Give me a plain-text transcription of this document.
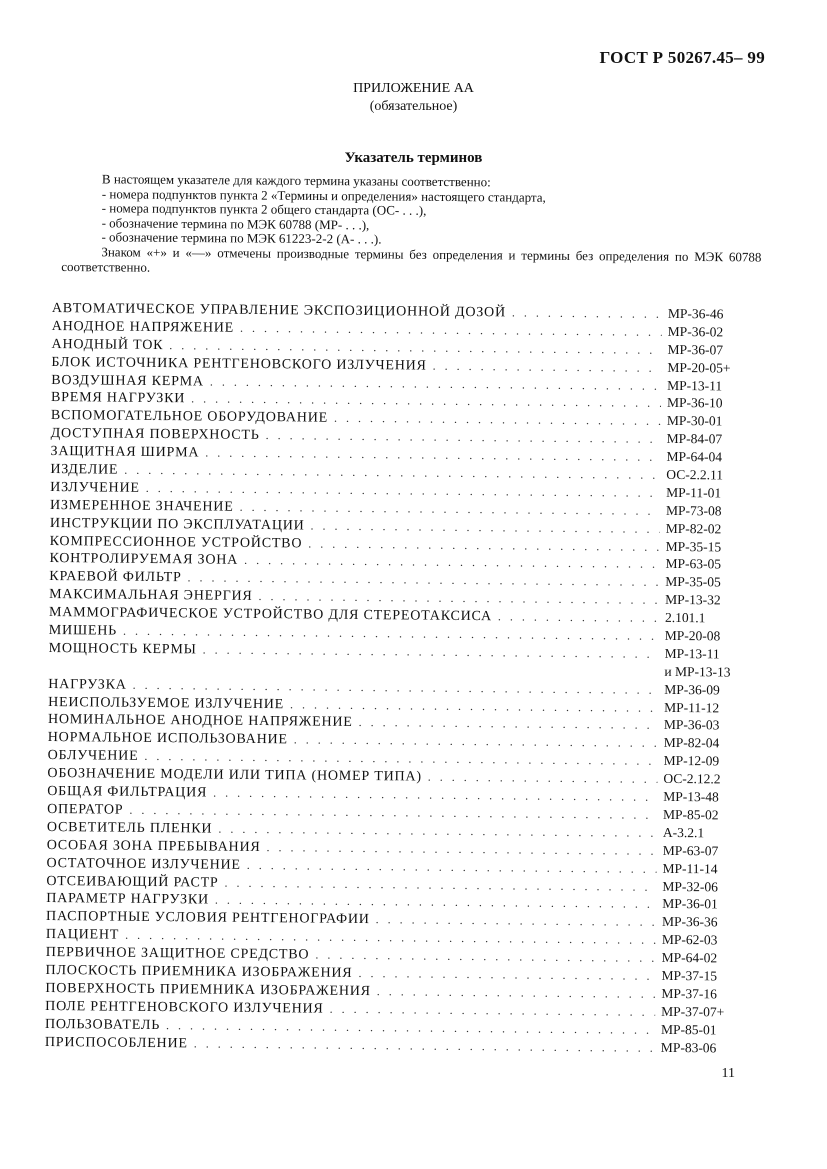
ГОСТ Р 50267.45– 99
ПРИЛОЖЕНИЕ АА
(обязательное)
Указатель терминов
В настоящем указателе для каждого термина указаны соответственно:
- номера подпунктов пункта 2 «Термины и определения» настоящего стандарта,
- номера подпунктов пункта 2 общего стандарта (ОС- . . .),
- обозначение термина по МЭК 60788 (МР- . . .),
- обозначение термина по МЭК 61223-2-2 (А- . . .).
Знаком «+» и «—» отмечены производные термины без определения и термины без определения по МЭК 60788 соответственно.
АВТОМАТИЧЕСКОЕ УПРАВЛЕНИЕ ЭКСПОЗИЦИОННОЙ ДОЗОЙ . . .	МР-36-46
АНОДНОЕ НАПРЯЖЕНИЕ . . .	МР-36-02
АНОДНЫЙ ТОК . . .	МР-36-07
БЛОК ИСТОЧНИКА РЕНТГЕНОВСКОГО ИЗЛУЧЕНИЯ . . .	МР-20-05+
ВОЗДУШНАЯ КЕРМА . . .	МР-13-11
ВРЕМЯ НАГРУЗКИ . . .	МР-36-10
ВСПОМОГАТЕЛЬНОЕ ОБОРУДОВАНИЕ . . .	МР-30-01
ДОСТУПНАЯ ПОВЕРХНОСТЬ . . .	МР-84-07
ЗАЩИТНАЯ ШИРМА . . .	МР-64-04
ИЗДЕЛИЕ . . .	ОС-2.2.11
ИЗЛУЧЕНИЕ . . .	МР-11-01
ИЗМЕРЕННОЕ ЗНАЧЕНИЕ . . .	МР-73-08
ИНСТРУКЦИИ ПО ЭКСПЛУАТАЦИИ . . .	МР-82-02
КОМПРЕССИОННОЕ УСТРОЙСТВО . . .	МР-35-15
КОНТРОЛИРУЕМАЯ ЗОНА . . .	МР-63-05
КРАЕВОЙ ФИЛЬТР . . .	МР-35-05
МАКСИМАЛЬНАЯ ЭНЕРГИЯ . . .	МР-13-32
МАММОГРАФИЧЕСКОЕ УСТРОЙСТВО ДЛЯ СТЕРЕОТАКСИСА . . .	2.101.1
МИШЕНЬ . . .	МР-20-08
МОЩНОСТЬ КЕРМЫ . . .	МР-13-11
и МР-13-13
НАГРУЗКА . . .	МР-36-09
НЕИСПОЛЬЗУЕМОЕ ИЗЛУЧЕНИЕ . . .	МР-11-12
НОМИНАЛЬНОЕ АНОДНОЕ НАПРЯЖЕНИЕ . . .	МР-36-03
НОРМАЛЬНОЕ ИСПОЛЬЗОВАНИЕ . . .	МР-82-04
ОБЛУЧЕНИЕ . . .	МР-12-09
ОБОЗНАЧЕНИЕ МОДЕЛИ ИЛИ ТИПА (НОМЕР ТИПА) . . .	ОС-2.12.2
ОБЩАЯ ФИЛЬТРАЦИЯ . . .	МР-13-48
ОПЕРАТОР . . .	МР-85-02
ОСВЕТИТЕЛЬ ПЛЕНКИ . . .	А-3.2.1
ОСОБАЯ ЗОНА ПРЕБЫВАНИЯ . . .	МР-63-07
ОСТАТОЧНОЕ ИЗЛУЧЕНИЕ . . .	МР-11-14
ОТСЕИВАЮЩИЙ РАСТР . . .	МР-32-06
ПАРАМЕТР НАГРУЗКИ . . .	МР-36-01
ПАСПОРТНЫЕ УСЛОВИЯ РЕНТГЕНОГРАФИИ . . .	МР-36-36
ПАЦИЕНТ . . .	МР-62-03
ПЕРВИЧНОЕ ЗАЩИТНОЕ СРЕДСТВО . . .	МР-64-02
ПЛОСКОСТЬ ПРИЕМНИКА ИЗОБРАЖЕНИЯ . . .	МР-37-15
ПОВЕРХНОСТЬ ПРИЕМНИКА ИЗОБРАЖЕНИЯ . . .	МР-37-16
ПОЛЕ РЕНТГЕНОВСКОГО ИЗЛУЧЕНИЯ . . .	МР-37-07+
ПОЛЬЗОВАТЕЛЬ . . .	МР-85-01
ПРИСПОСОБЛЕНИЕ . . .	МР-83-06
11
